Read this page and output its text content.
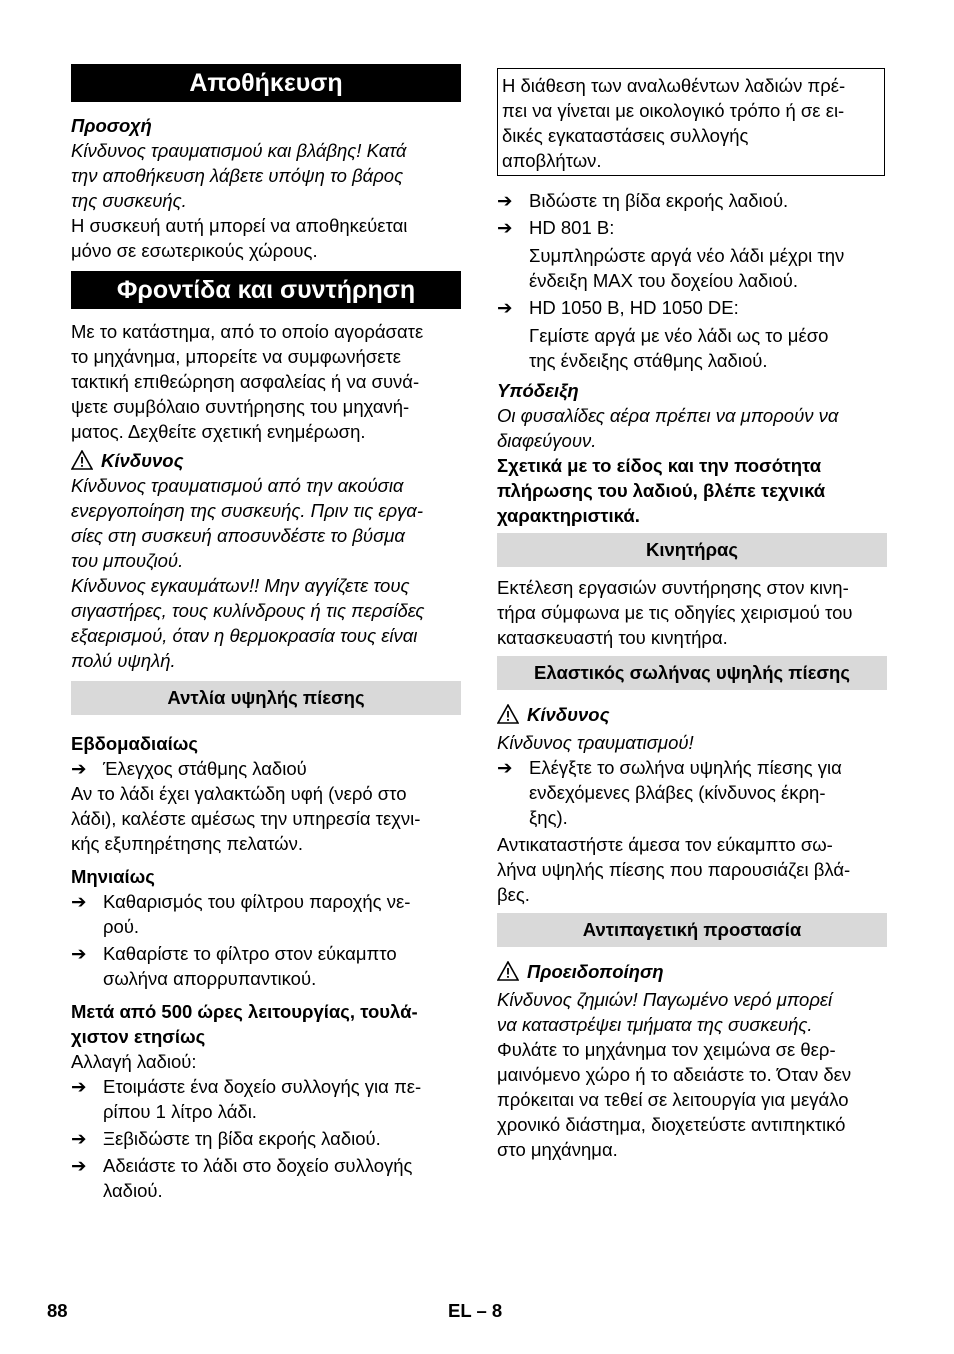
Αποθήκευση

Προσοχή

Κίνδυνος τραυματισμού και βλάβης! Κατά

την αποθήκευση λάβετε υπόψη το βάρος

της συσκευής.

Η συσκευή αυτή μπορεί να αποθηκεύεται

μόνο σε εσωτερικούς χώρους.

Φροντίδα και συντήρηση

Με το κατάστημα, από το οποίο αγοράσατε

το μηχάνημα, μπορείτε να συμφωνήσετε

τακτική επιθεώρηση ασφαλείας ή να συνά-

ψετε συμβόλαιο συντήρησης του μηχανή-

ματος. Δεχθείτε σχετική ενημέρωση.

Κίνδυνος

Κίνδυνος τραυματισμού από την ακούσια

ενεργοποίηση της συσκευής. Πριν τις εργα-

σίες στη συσκευή αποσυνδέστε το βύσμα

του μπουζιού.

Κίνδυνος εγκαυμάτων!! Μην αγγίζετε τους

σιγαστήρες, τους κυλίνδρους ή τις περσίδες

εξαερισμού, όταν η θερμοκρασία τους είναι

πολύ υψηλή.

Αντλία υψηλής πίεσης

Εβδομαδιαίως

➔ Έλεγχος στάθμης λαδιού

Αν το λάδι έχει γαλακτώδη υφή (νερό στο

λάδι), καλέστε αμέσως την υπηρεσία τεχνι-

κής εξυπηρέτησης πελατών.

Μηνιαίως

➔ Καθαρισμός του φίλτρου παροχής νε-
ρού.

➔ Καθαρίστε το φίλτρο στον εύκαμπτο
σωλήνα απορρυπαντικού.

Μετά από 500 ώρες λειτουργίας, τουλά-

χιστον ετησίως

Αλλαγή λαδιού:

➔ Ετοιμάστε ένα δοχείο συλλογής για πε-
ρίπου 1 λίτρο λάδι.

➔ Ξεβιδώστε τη βίδα εκροής λαδιού.

➔ Αδειάστε το λάδι στο δοχείο συλλογής
λαδιού.

Η διάθεση των αναλωθέντων λαδιών πρέ-

πει να γίνεται με οικολογικό τρόπο ή σε ει-

δικές εγκαταστάσεις συλλογής

αποβλήτων.

➔ Βιδώστε τη βίδα εκροής λαδιού.

➔ HD 801 B:

Συμπληρώστε αργά νέο λάδι μέχρι την

ένδειξη MAX του δοχείου λαδιού.

➔ HD 1050 B, HD 1050 DE:

Γεμίστε αργά με νέο λάδι ως το μέσο

της ένδειξης στάθμης λαδιού.

Υπόδειξη

Οι φυσαλίδες αέρα πρέπει να μπορούν να

διαφεύγουν.

Σχετικά με το είδος και την ποσότητα

πλήρωσης του λαδιού, βλέπε τεχνικά

χαρακτηριστικά.

Κινητήρας

Εκτέλεση εργασιών συντήρησης στον κινη-

τήρα σύμφωνα με τις οδηγίες χειρισμού του

κατασκευαστή του κινητήρα.

Ελαστικός σωλήνας υψηλής πίεσης

Κίνδυνος

Κίνδυνος τραυματισμού!

➔ Ελέγξτε το σωλήνα υψηλής πίεσης για
ενδεχόμενες βλάβες (κίνδυνος έκρη-
ξης).

Αντικαταστήστε άμεσα τον εύκαμπτο σω-

λήνα υψηλής πίεσης που παρουσιάζει βλά-

βες.

Αντιπαγετική προστασία

Προειδοποίηση

Κίνδυνος ζημιών! Παγωμένο νερό μπορεί

να καταστρέψει τμήματα της συσκευής.

Φυλάτε το μηχάνημα τον χειμώνα σε θερ-

μαινόμενο χώρο ή το αδειάστε το. Όταν δεν

πρόκειται να τεθεί σε λειτουργία για μεγάλο

χρονικό διάστημα, διοχετεύστε αντιπηκτικό

στο μηχάνημα.

88	EL – 8
